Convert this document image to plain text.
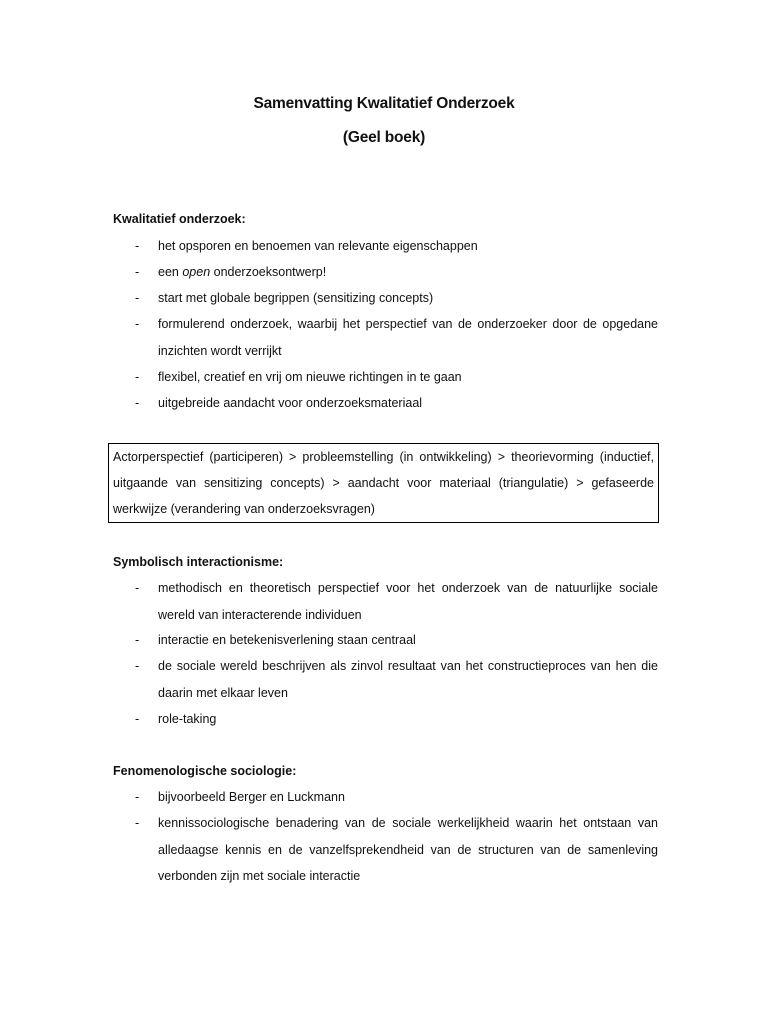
Samenvatting Kwalitatief Onderzoek
(Geel boek)
Kwalitatief onderzoek:
- het opsporen en benoemen van relevante eigenschappen
- een open onderzoeksontwerp!
- start met globale begrippen (sensitizing concepts)
- formulerend onderzoek, waarbij het perspectief van de onderzoeker door de opgedane inzichten wordt verrijkt
- flexibel, creatief en vrij om nieuwe richtingen in te gaan
- uitgebreide aandacht voor onderzoeksmateriaal
Actorperspectief (participeren) > probleemstelling (in ontwikkeling) > theorievorming (inductief, uitgaande van sensitizing concepts) > aandacht voor materiaal (triangulatie) > gefaseerde werkwijze (verandering van onderzoeksvragen)
Symbolisch interactionisme:
- methodisch en theoretisch perspectief voor het onderzoek van de natuurlijke sociale wereld van interacterende individuen
- interactie en betekenisverlening staan centraal
- de sociale wereld beschrijven als zinvol resultaat van het constructieproces van hen die daarin met elkaar leven
- role-taking
Fenomenologische sociologie:
- bijvoorbeeld Berger en Luckmann
- kennissociologische benadering van de sociale werkelijkheid waarin het ontstaan van alledaagse kennis en de vanzelfsprekendheid van de structuren van de samenleving verbonden zijn met sociale interactie
